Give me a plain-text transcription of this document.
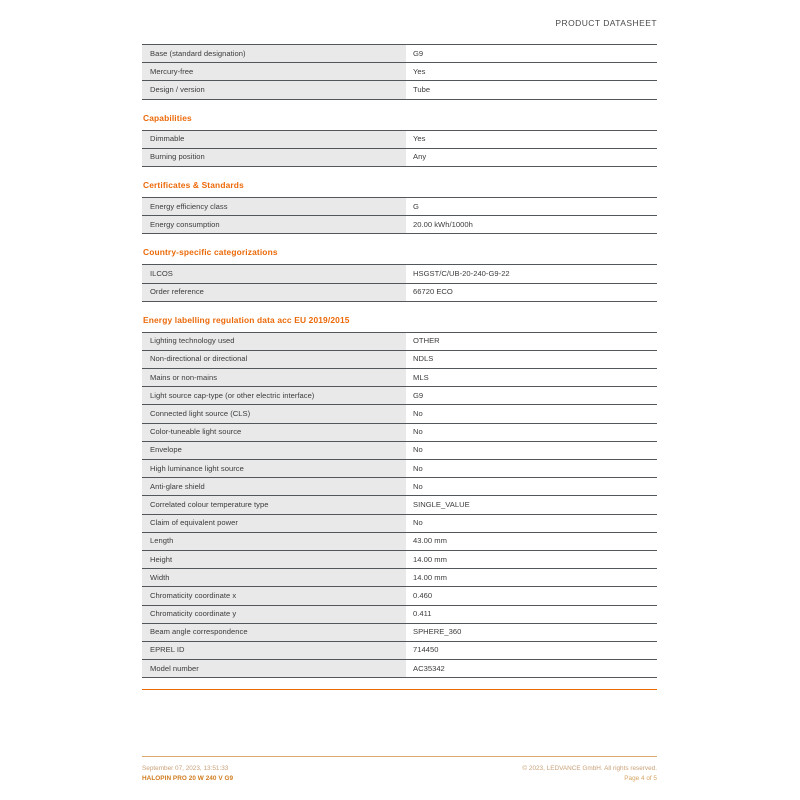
PRODUCT DATASHEET
Base (standard designation)	G9
Mercury-free	Yes
Design / version	Tube
Capabilities
Dimmable	Yes
Burning position	Any
Certificates & Standards
Energy efficiency class	G
Energy consumption	20.00 kWh/1000h
Country-specific categorizations
ILCOS	HSGST/C/UB-20-240-G9-22
Order reference	66720 ECO
Energy labelling regulation data acc EU 2019/2015
Lighting technology used	OTHER
Non-directional or directional	NDLS
Mains or non-mains	MLS
Light source cap-type (or other electric interface)	G9
Connected light source (CLS)	No
Color-tuneable light source	No
Envelope	No
High luminance light source	No
Anti-glare shield	No
Correlated colour temperature type	SINGLE_VALUE
Claim of equivalent power	No
Length	43.00 mm
Height	14.00 mm
Width	14.00 mm
Chromaticity coordinate x	0.460
Chromaticity coordinate y	0.411
Beam angle correspondence	SPHERE_360
EPREL ID	714450
Model number	AC35342
September 07, 2023, 13:51:33	© 2023, LEDVANCE GmbH. All rights reserved.
HALOPIN PRO 20 W 240 V G9	Page 4 of 5
